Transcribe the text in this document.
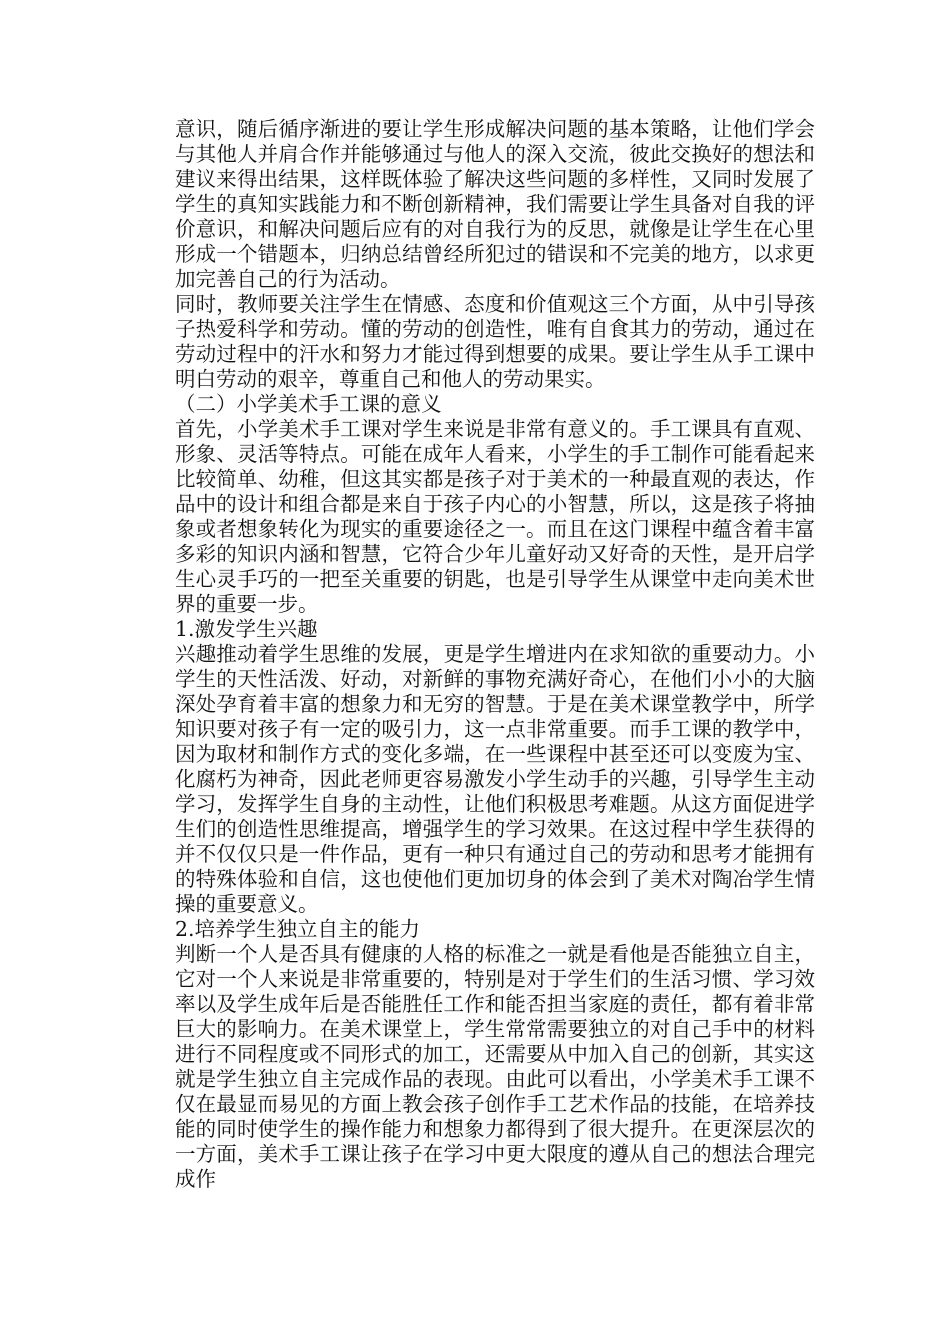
意识，随后循序渐进的要让学生形成解决问题的基本策略，让他们学会与其他人并肩合作并能够通过与他人的深入交流，彼此交换好的想法和建议来得出结果，这样既体验了解决这些问题的多样性，又同时发展了学生的真知实践能力和不断创新精神，我们需要让学生具备对自我的评价意识，和解决问题后应有的对自我行为的反思，就像是让学生在心里形成一个错题本，归纳总结曾经所犯过的错误和不完美的地方，以求更加完善自己的行为活动。

同时，教师要关注学生在情感、态度和价值观这三个方面，从中引导孩子热爱科学和劳动。懂的劳动的创造性，唯有自食其力的劳动，通过在劳动过程中的汗水和努力才能过得到想要的成果。要让学生从手工课中明白劳动的艰辛，尊重自己和他人的劳动果实。

（二）小学美术手工课的意义

首先，小学美术手工课对学生来说是非常有意义的。手工课具有直观、形象、灵活等特点。可能在成年人看来，小学生的手工制作可能看起来比较简单、幼稚，但这其实都是孩子对于美术的一种最直观的表达，作品中的设计和组合都是来自于孩子内心的小智慧，所以，这是孩子将抽象或者想象转化为现实的重要途径之一。而且在这门课程中蕴含着丰富多彩的知识内涵和智慧，它符合少年儿童好动又好奇的天性，是开启学生心灵手巧的一把至关重要的钥匙，也是引导学生从课堂中走向美术世界的重要一步。

1.激发学生兴趣

兴趣推动着学生思维的发展，更是学生增进内在求知欲的重要动力。小学生的天性活泼、好动，对新鲜的事物充满好奇心，在他们小小的大脑深处孕育着丰富的想象力和无穷的智慧。于是在美术课堂教学中，所学知识要对孩子有一定的吸引力，这一点非常重要。而手工课的教学中，因为取材和制作方式的变化多端，在一些课程中甚至还可以变废为宝、化腐朽为神奇，因此老师更容易激发小学生动手的兴趣，引导学生主动学习，发挥学生自身的主动性，让他们积极思考难题。从这方面促进学生们的创造性思维提高，增强学生的学习效果。在这过程中学生获得的并不仅仅只是一件作品，更有一种只有通过自己的劳动和思考才能拥有的特殊体验和自信，这也使他们更加切身的体会到了美术对陶冶学生情操的重要意义。

2.培养学生独立自主的能力

判断一个人是否具有健康的人格的标准之一就是看他是否能独立自主，它对一个人来说是非常重要的，特别是对于学生们的生活习惯、学习效率以及学生成年后是否能胜任工作和能否担当家庭的责任，都有着非常巨大的影响力。在美术课堂上，学生常常需要独立的对自己手中的材料进行不同程度或不同形式的加工，还需要从中加入自己的创新，其实这就是学生独立自主完成作品的表现。由此可以看出，小学美术手工课不仅在最显而易见的方面上教会孩子创作手工艺术作品的技能，在培养技能的同时使学生的操作能力和想象力都得到了很大提升。在更深层次的一方面，美术手工课让孩子在学习中更大限度的遵从自己的想法合理完成作
